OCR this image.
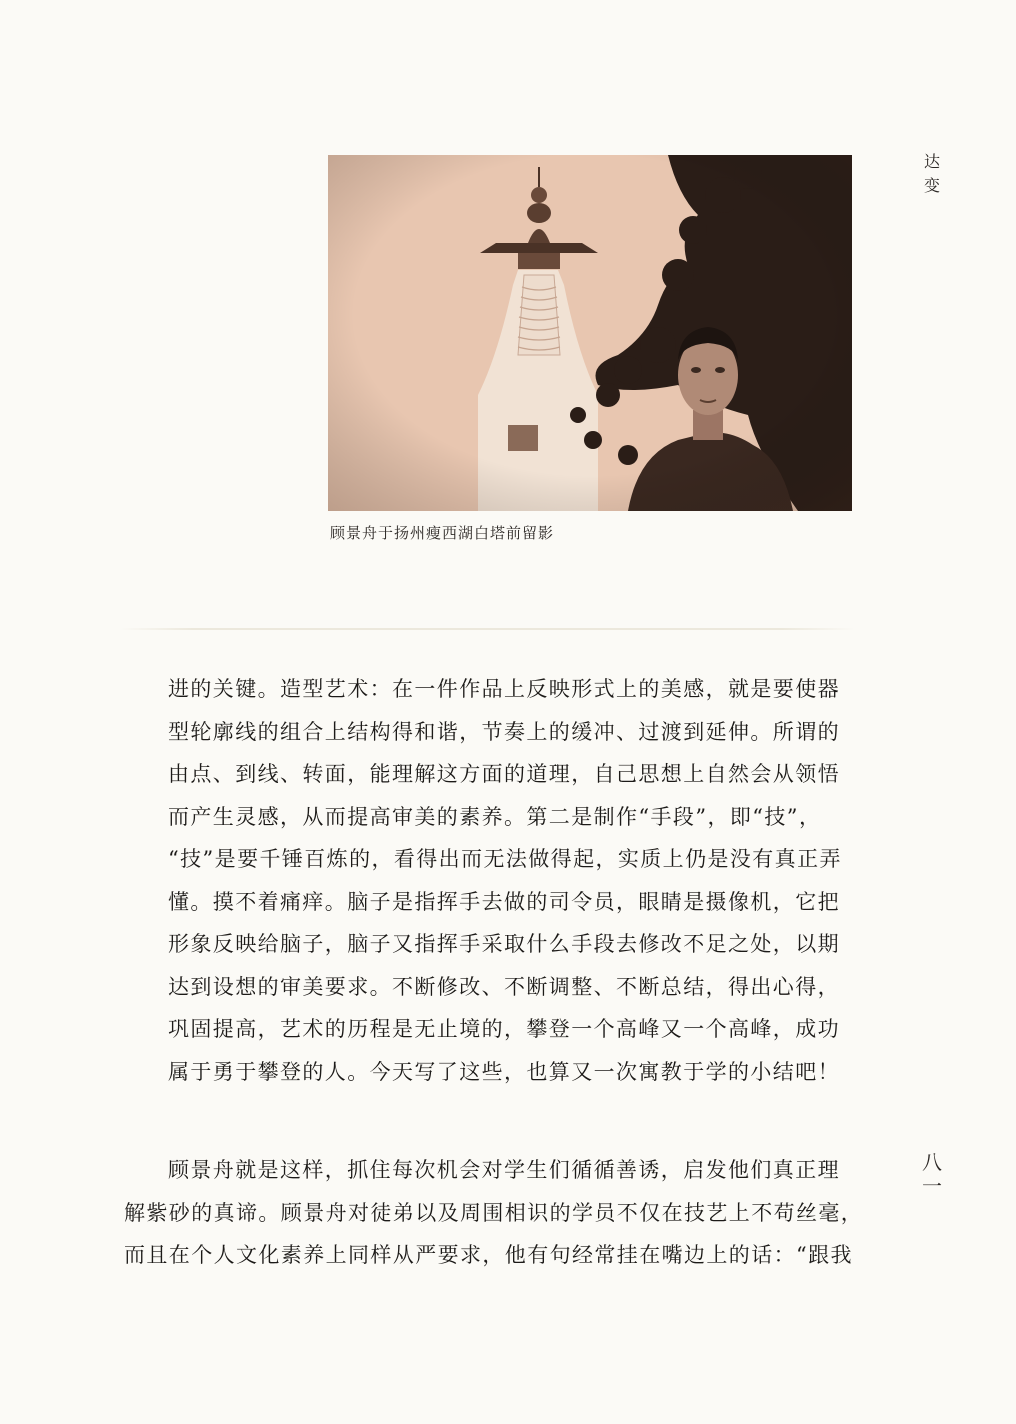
顾景舟于扬州瘦西湖白塔前留影
达
变
进的关键。造型艺术：在一件作品上反映形式上的美感，就是要使器
型轮廓线的组合上结构得和谐，节奏上的缓冲、过渡到延伸。所谓的
由点、到线、转面，能理解这方面的道理，自己思想上自然会从领悟
而产生灵感，从而提高审美的素养。第二是制作“手段”，即“技”，
“技”是要千锤百炼的，看得出而无法做得起，实质上仍是没有真正弄
懂。摸不着痛痒。脑子是指挥手去做的司令员，眼睛是摄像机，它把
形象反映给脑子，脑子又指挥手采取什么手段去修改不足之处，以期
达到设想的审美要求。不断修改、不断调整、不断总结，得出心得，
巩固提高，艺术的历程是无止境的，攀登一个高峰又一个高峰，成功
属于勇于攀登的人。今天写了这些，也算又一次寓教于学的小结吧！
顾景舟就是这样，抓住每次机会对学生们循循善诱，启发他们真正理
解紫砂的真谛。顾景舟对徒弟以及周围相识的学员不仅在技艺上不苟丝毫，
而且在个人文化素养上同样从严要求，他有句经常挂在嘴边上的话：“跟我
八
一
